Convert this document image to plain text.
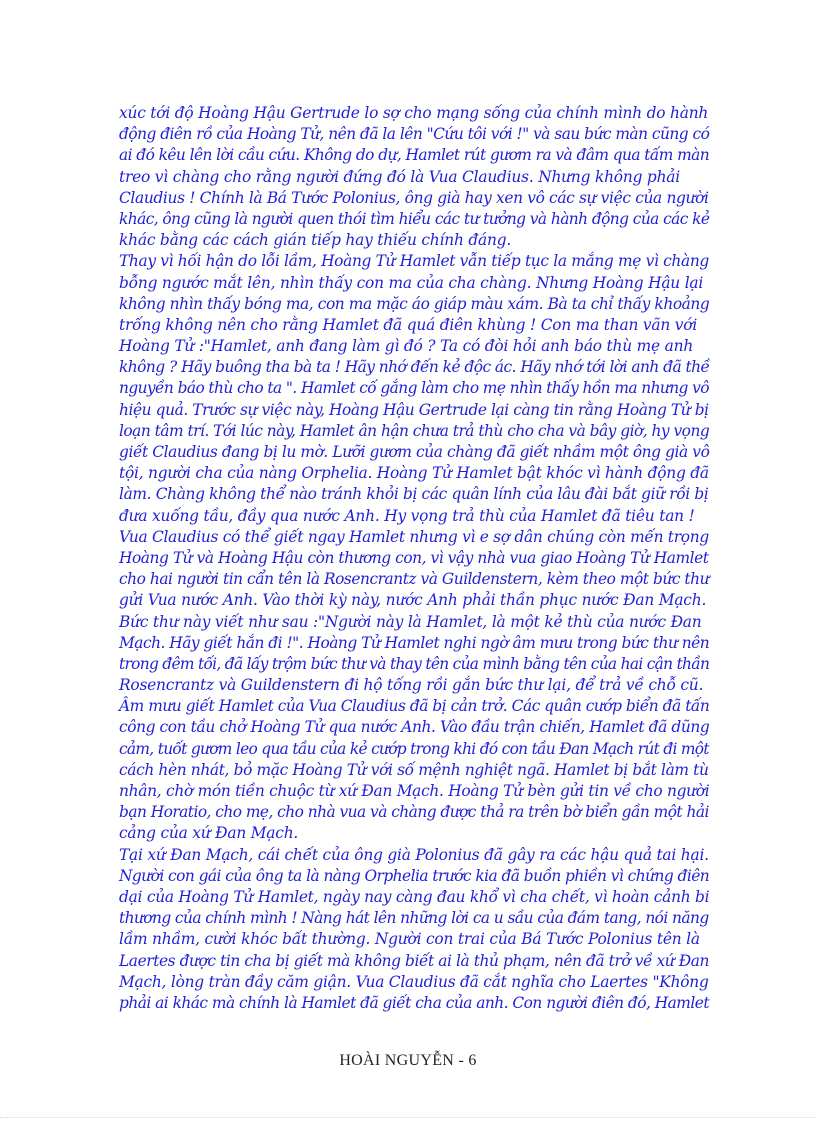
xúc tới độ Hoàng Hậu Gertrude lo sợ cho mạng sống của chính mình do hành
động điên rồ của Hoàng Tử, nên đã la lên "Cứu tôi với !" và sau bức màn cũng có
ai đó kêu lên lời cầu cứu. Không do dự, Hamlet rút gươm ra và đâm qua tấm màn
treo vì chàng cho rằng người đứng đó là Vua Claudius. Nhưng không phải
Claudius ! Chính là Bá Tước Polonius, ông già hay xen vô các sự việc của người
khác, ông cũng là người quen thói tìm hiểu các tư tưởng và hành động của các kẻ
khác bằng các cách gián tiếp hay thiếu chính đáng.
Thay vì hối hận do lỗi lầm, Hoàng Tử Hamlet vẫn tiếp tục la mắng mẹ vì chàng
bỗng ngước mắt lên, nhìn thấy con ma của cha chàng. Nhưng Hoàng Hậu lại
không nhìn thấy bóng ma, con ma mặc áo giáp màu xám. Bà ta chỉ thấy khoảng
trống không nên cho rằng Hamlet đã quá điên khùng ! Con ma than vãn với
Hoàng Tử :"Hamlet, anh đang làm gì đó ? Ta có đòi hỏi anh báo thù mẹ anh
không ? Hãy buông tha bà ta ! Hãy nhớ đến kẻ độc ác. Hãy nhớ tới lời anh đã thề
nguyền báo thù cho ta ". Hamlet cố gắng làm cho mẹ nhìn thấy hồn ma nhưng vô
hiệu quả. Trước sự việc này, Hoàng Hậu Gertrude lại càng tin rằng Hoàng Tử bị
loạn tâm trí. Tới lúc này, Hamlet ân hận chưa trả thù cho cha và bây giờ, hy vọng
giết Claudius đang bị lu mờ. Lưỡi gươm của chàng đã giết nhầm một ông già vô
tội, người cha của nàng Orphelia. Hoàng Tử Hamlet bật khóc vì hành động đã
làm. Chàng không thể nào tránh khỏi bị các quân lính của lâu đài bắt giữ rồi bị
đưa xuống tầu, đầy qua nước Anh. Hy vọng trả thù của Hamlet đã tiêu tan !
Vua Claudius có thể giết ngay Hamlet nhưng vì e sợ dân chúng còn mến trọng
Hoàng Tử và Hoàng Hậu còn thương con, vì vậy nhà vua giao Hoàng Tử Hamlet
cho hai người tin cẩn tên là Rosencrantz và Guildenstern, kèm theo một bức thư
gửi Vua nước Anh. Vào thời kỳ này, nước Anh phải thần phục nước Đan Mạch.
Bức thư này viết như sau :"Người này là Hamlet, là một kẻ thù của nước Đan
Mạch. Hãy giết hắn đi !". Hoàng Tử Hamlet nghi ngờ âm mưu trong bức thư nên
trong đêm tối, đã lấy trộm bức thư và thay tên của mình bằng tên của hai cận thần
Rosencrantz và Guildenstern đi hộ tống rồi gắn bức thư lại, để trả về chỗ cũ.
Âm mưu giết Hamlet của Vua Claudius đã bị cản trở. Các quân cướp biển đã tấn
công con tầu chở Hoàng Tử qua nước Anh. Vào đầu trận chiến, Hamlet đã dũng
cảm, tuốt gươm leo qua tầu của kẻ cướp trong khi đó con tầu Đan Mạch rút đi một
cách hèn nhát, bỏ mặc Hoàng Tử với số mệnh nghiệt ngã. Hamlet bị bắt làm tù
nhân, chờ món tiền chuộc từ xứ Đan Mạch. Hoàng Tử bèn gửi tin về cho người
bạn Horatio, cho mẹ, cho nhà vua và chàng được thả ra trên bờ biển gần một hải
cảng của xứ Đan Mạch.
Tại xứ Đan Mạch, cái chết của ông già Polonius đã gây ra các hậu quả tai hại.
Người con gái của ông ta là nàng Orphelia trước kia đã buồn phiền vì chứng điên
dại của Hoàng Tử Hamlet, ngày nay càng đau khổ vì cha chết, vì hoàn cảnh bi
thương của chính mình ! Nàng hát lên những lời ca u sầu của đám tang, nói năng
lầm nhầm, cười khóc bất thường. Người con trai của Bá Tước Polonius tên là
Laertes được tin cha bị giết mà không biết ai là thủ phạm, nên đã trở về xứ Đan
Mạch, lòng tràn đầy căm giận. Vua Claudius đã cắt nghĩa cho Laertes "Không
phải ai khác mà chính là Hamlet đã giết cha của anh. Con người điên đó, Hamlet
HOÀI NGUYỄN - 6
